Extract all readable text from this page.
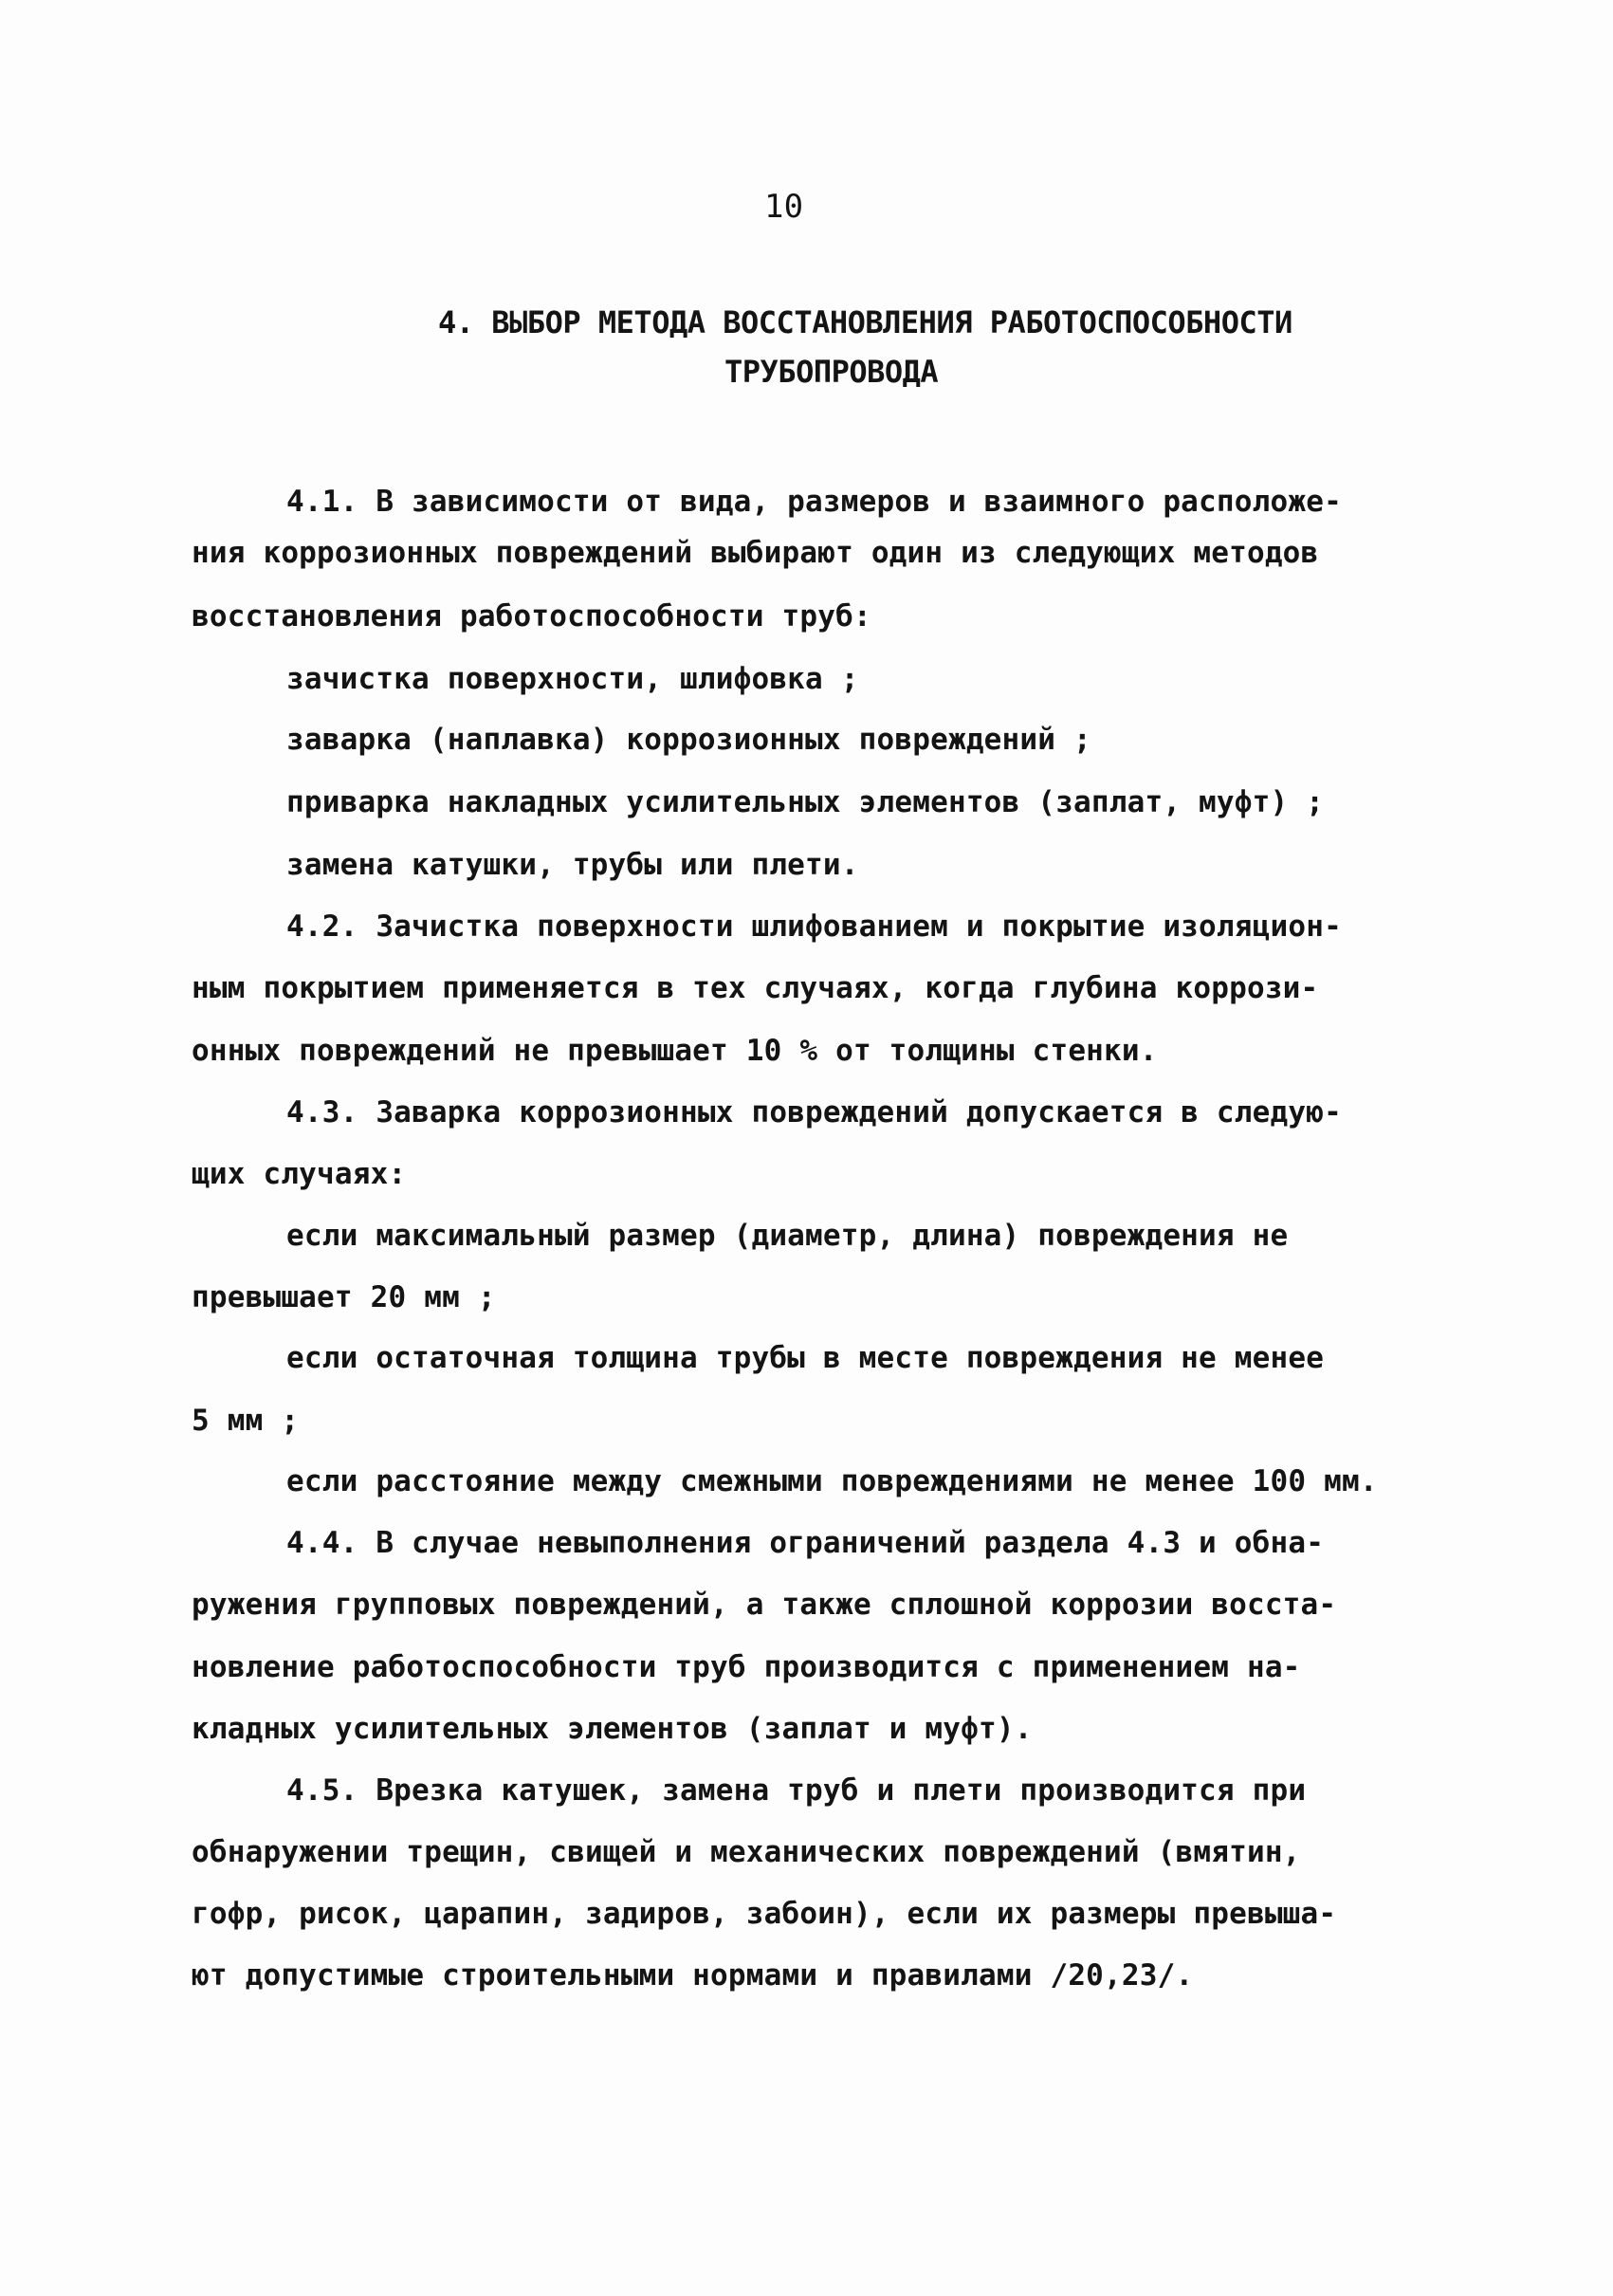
10
4. ВЫБОР МЕТОДА ВОССТАНОВЛЕНИЯ РАБОТОСПОСОБНОСТИ
ТРУБОПРОВОДА
4.1. В зависимости от вида, размеров и взаимного расположе-
ния коррозионных повреждений выбирают один из следующих методов
восстановления работоспособности труб:
зачистка поверхности, шлифовка ;
заварка (наплавка) коррозионных повреждений ;
приварка накладных усилительных элементов (заплат, муфт) ;
замена катушки, трубы или плети.
4.2. Зачистка поверхности шлифованием и покрытие изоляцион-
ным покрытием применяется в тех случаях, когда глубина коррози-
онных повреждений не превышает 10 % от толщины стенки.
4.3. Заварка коррозионных повреждений допускается в следую-
щих случаях:
если максимальный размер (диаметр, длина) повреждения не
превышает 20 мм ;
если остаточная толщина трубы в месте повреждения не менее
5 мм ;
если расстояние между смежными повреждениями не менее 100 мм.
4.4. В случае невыполнения ограничений раздела 4.3 и обна-
ружения групповых повреждений, а также сплошной коррозии восста-
новление работоспособности труб производится с применением на-
кладных усилительных элементов (заплат и муфт).
4.5. Врезка катушек, замена труб и плети производится при
обнаружении трещин, свищей и механических повреждений (вмятин,
гофр, рисок, царапин, задиров, забоин), если их размеры превыша-
ют допустимые строительными нормами и правилами /20,23/.
